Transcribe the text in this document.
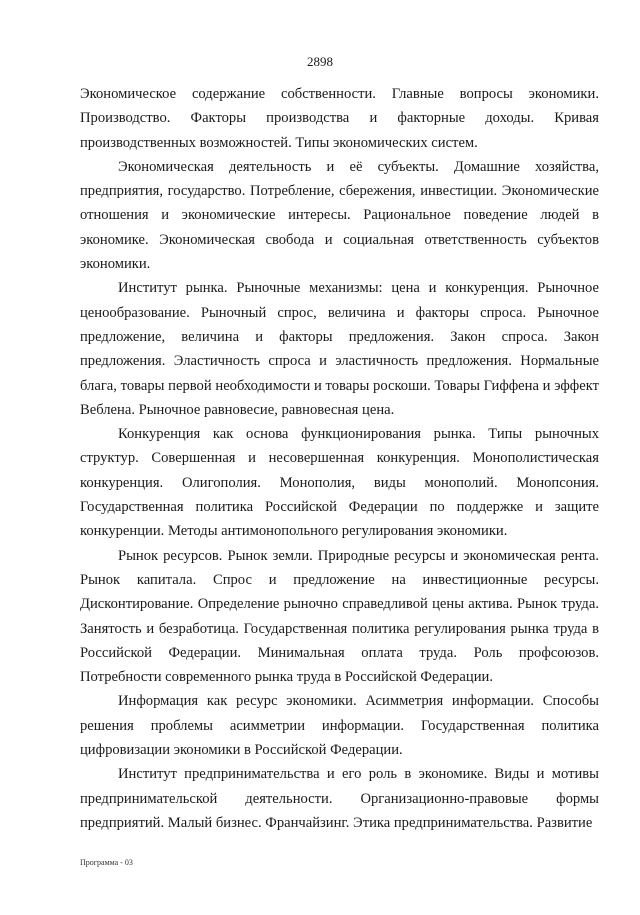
2898

Экономическое содержание собственности. Главные вопросы экономики. Производство. Факторы производства и факторные доходы. Кривая производственных возможностей. Типы экономических систем.

Экономическая деятельность и её субъекты. Домашние хозяйства, предприятия, государство. Потребление, сбережения, инвестиции. Экономические отношения и экономические интересы. Рациональное поведение людей в экономике. Экономическая свобода и социальная ответственность субъектов экономики.

Институт рынка. Рыночные механизмы: цена и конкуренция. Рыночное ценообразование. Рыночный спрос, величина и факторы спроса. Рыночное предложение, величина и факторы предложения. Закон спроса. Закон предложения. Эластичность спроса и эластичность предложения. Нормальные блага, товары первой необходимости и товары роскоши. Товары Гиффена и эффект Веблена. Рыночное равновесие, равновесная цена.

Конкуренция как основа функционирования рынка. Типы рыночных структур. Совершенная и несовершенная конкуренция. Монополистическая конкуренция. Олигополия. Монополия, виды монополий. Монопсония. Государственная политика Российской Федерации по поддержке и защите конкуренции. Методы антимонопольного регулирования экономики.

Рынок ресурсов. Рынок земли. Природные ресурсы и экономическая рента. Рынок капитала. Спрос и предложение на инвестиционные ресурсы. Дисконтирование. Определение рыночно справедливой цены актива. Рынок труда. Занятость и безработица. Государственная политика регулирования рынка труда в Российской Федерации. Минимальная оплата труда. Роль профсоюзов. Потребности современного рынка труда в Российской Федерации.

Информация как ресурс экономики. Асимметрия информации. Способы решения проблемы асимметрии информации. Государственная политика цифровизации экономики в Российской Федерации.

Институт предпринимательства и его роль в экономике. Виды и мотивы предпринимательской деятельности. Организационно-правовые формы предприятий. Малый бизнес. Франчайзинг. Этика предпринимательства. Развитие

Программа - 03
